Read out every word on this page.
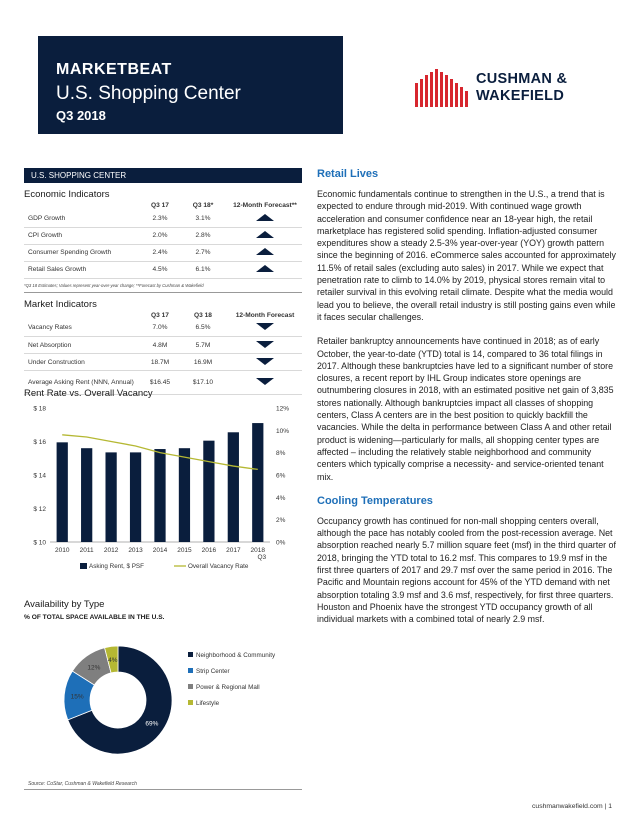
MARKETBEAT
U.S. Shopping Center
Q3 2018
CUSHMAN &
WAKEFIELD
U.S. SHOPPING CENTER
Economic Indicators
	Q3 17	Q3 18*	12-Month Forecast**
GDP Growth	2.3%	3.1%	
CPI Growth	2.0%	2.8%	
Consumer Spending Growth	2.4%	2.7%	
Retail Sales Growth	4.5%	6.1%	
*Q3 18 Estimates; Values represent year-over-year change; **Forecast by Cushman & Wakefield
Market Indicators
	Q3 17	Q3 18	12-Month Forecast
Vacancy Rates	7.0%	6.5%	
Net Absorption	4.8M	5.7M	
Under Construction	18.7M	16.9M	
Average Asking Rent (NNN, Annual)	$16.45	$17.10	
Rent Rate vs. Overall Vacancy
$ 10
$ 12
$ 14
$ 16
$ 18
0%
2%
4%
6%
8%
10%
12%
2010 2011 2012 2013 2014 2015 2016 2017 2018
Q3
Asking Rent, $ PSF	Overall Vacancy Rate
Availability by Type
% OF TOTAL SPACE AVAILABLE IN THE U.S.
69%
15%
12%
4%
Neighborhood & Community
Strip Center
Power & Regional Mall
Lifestyle
Source: CoStar, Cushman & Wakefield Research
Retail Lives

Economic fundamentals continue to strengthen in the U.S., a trend that is expected to endure through mid-2019. With continued wage growth acceleration and consumer confidence near an 18-year high, the retail marketplace has registered solid spending. Inflation-adjusted consumer expenditures show a steady 2.5-3% year-over-year (YOY) growth pattern since the beginning of 2016. eCommerce sales accounted for approximately 11.5% of retail sales (excluding auto sales) in 2017. While we expect that penetration rate to climb to 14.0% by 2019, physical stores remain vital to retailer survival in this evolving retail climate. Despite what the media would lead you to believe, the overall retail industry is still posting gains even while it faces secular challenges.

Retailer bankruptcy announcements have continued in 2018; as of early October, the year-to-date (YTD) total is 14, compared to 36 total filings in 2017. Although these bankruptcies have led to a significant number of store closures, a recent report by IHL Group indicates store openings are outnumbering closures in 2018, with an estimated positive net gain of 3,835 stores nationally. Although bankruptcies impact all classes of shopping centers, Class A centers are in the best position to quickly backfill the vacancies. While the delta in performance between Class A and other retail product is widening—particularly for malls, all shopping center types are affected – including the relatively stable neighborhood and community centers which typically comprise a necessity- and service-oriented tenant mix.

Cooling Temperatures

Occupancy growth has continued for non-mall shopping centers overall, although the pace has notably cooled from the post-recession average. Net absorption reached nearly 5.7 million square feet (msf) in the third quarter of 2018, bringing the YTD total to 16.2 msf. This compares to 19.9 msf in the first three quarters of 2017 and 29.7 msf over the same period in 2016. The Pacific and Mountain regions account for 45% of the YTD demand with net absorption totaling 3.9 msf and 3.6 msf, respectively, for first three quarters. Houston and Phoenix have the strongest YTD occupancy growth of all individual markets with a combined total of nearly 2.9 msf.

cushmanwakefield.com | 1
